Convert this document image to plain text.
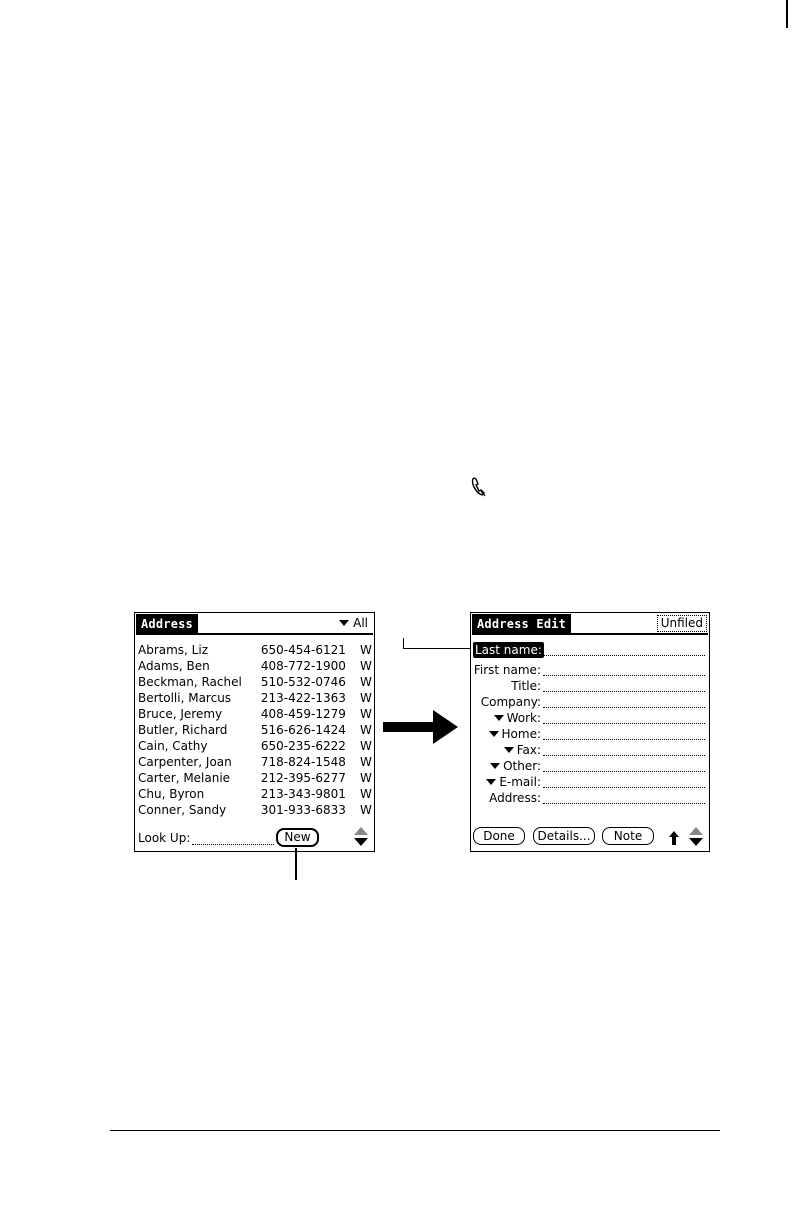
Address	All
Abrams, Liz	650-454-6121	W
Adams, Ben	408-772-1900	W
Beckman, Rachel	510-532-0746	W
Bertolli, Marcus	213-422-1363	W
Bruce, Jeremy	408-459-1279	W
Butler, Richard	516-626-1424	W
Cain, Cathy	650-235-6222	W
Carpenter, Joan	718-824-1548	W
Carter, Melanie	212-395-6277	W
Chu, Byron	213-343-9801	W
Conner, Sandy	301-933-6833	W
Look Up:	New
Address Edit	Unfiled
Last name:
First name:
Title:
Company:
Work:
Home:
Fax:
Other:
E-mail:
Address:
Done	Details...	Note
